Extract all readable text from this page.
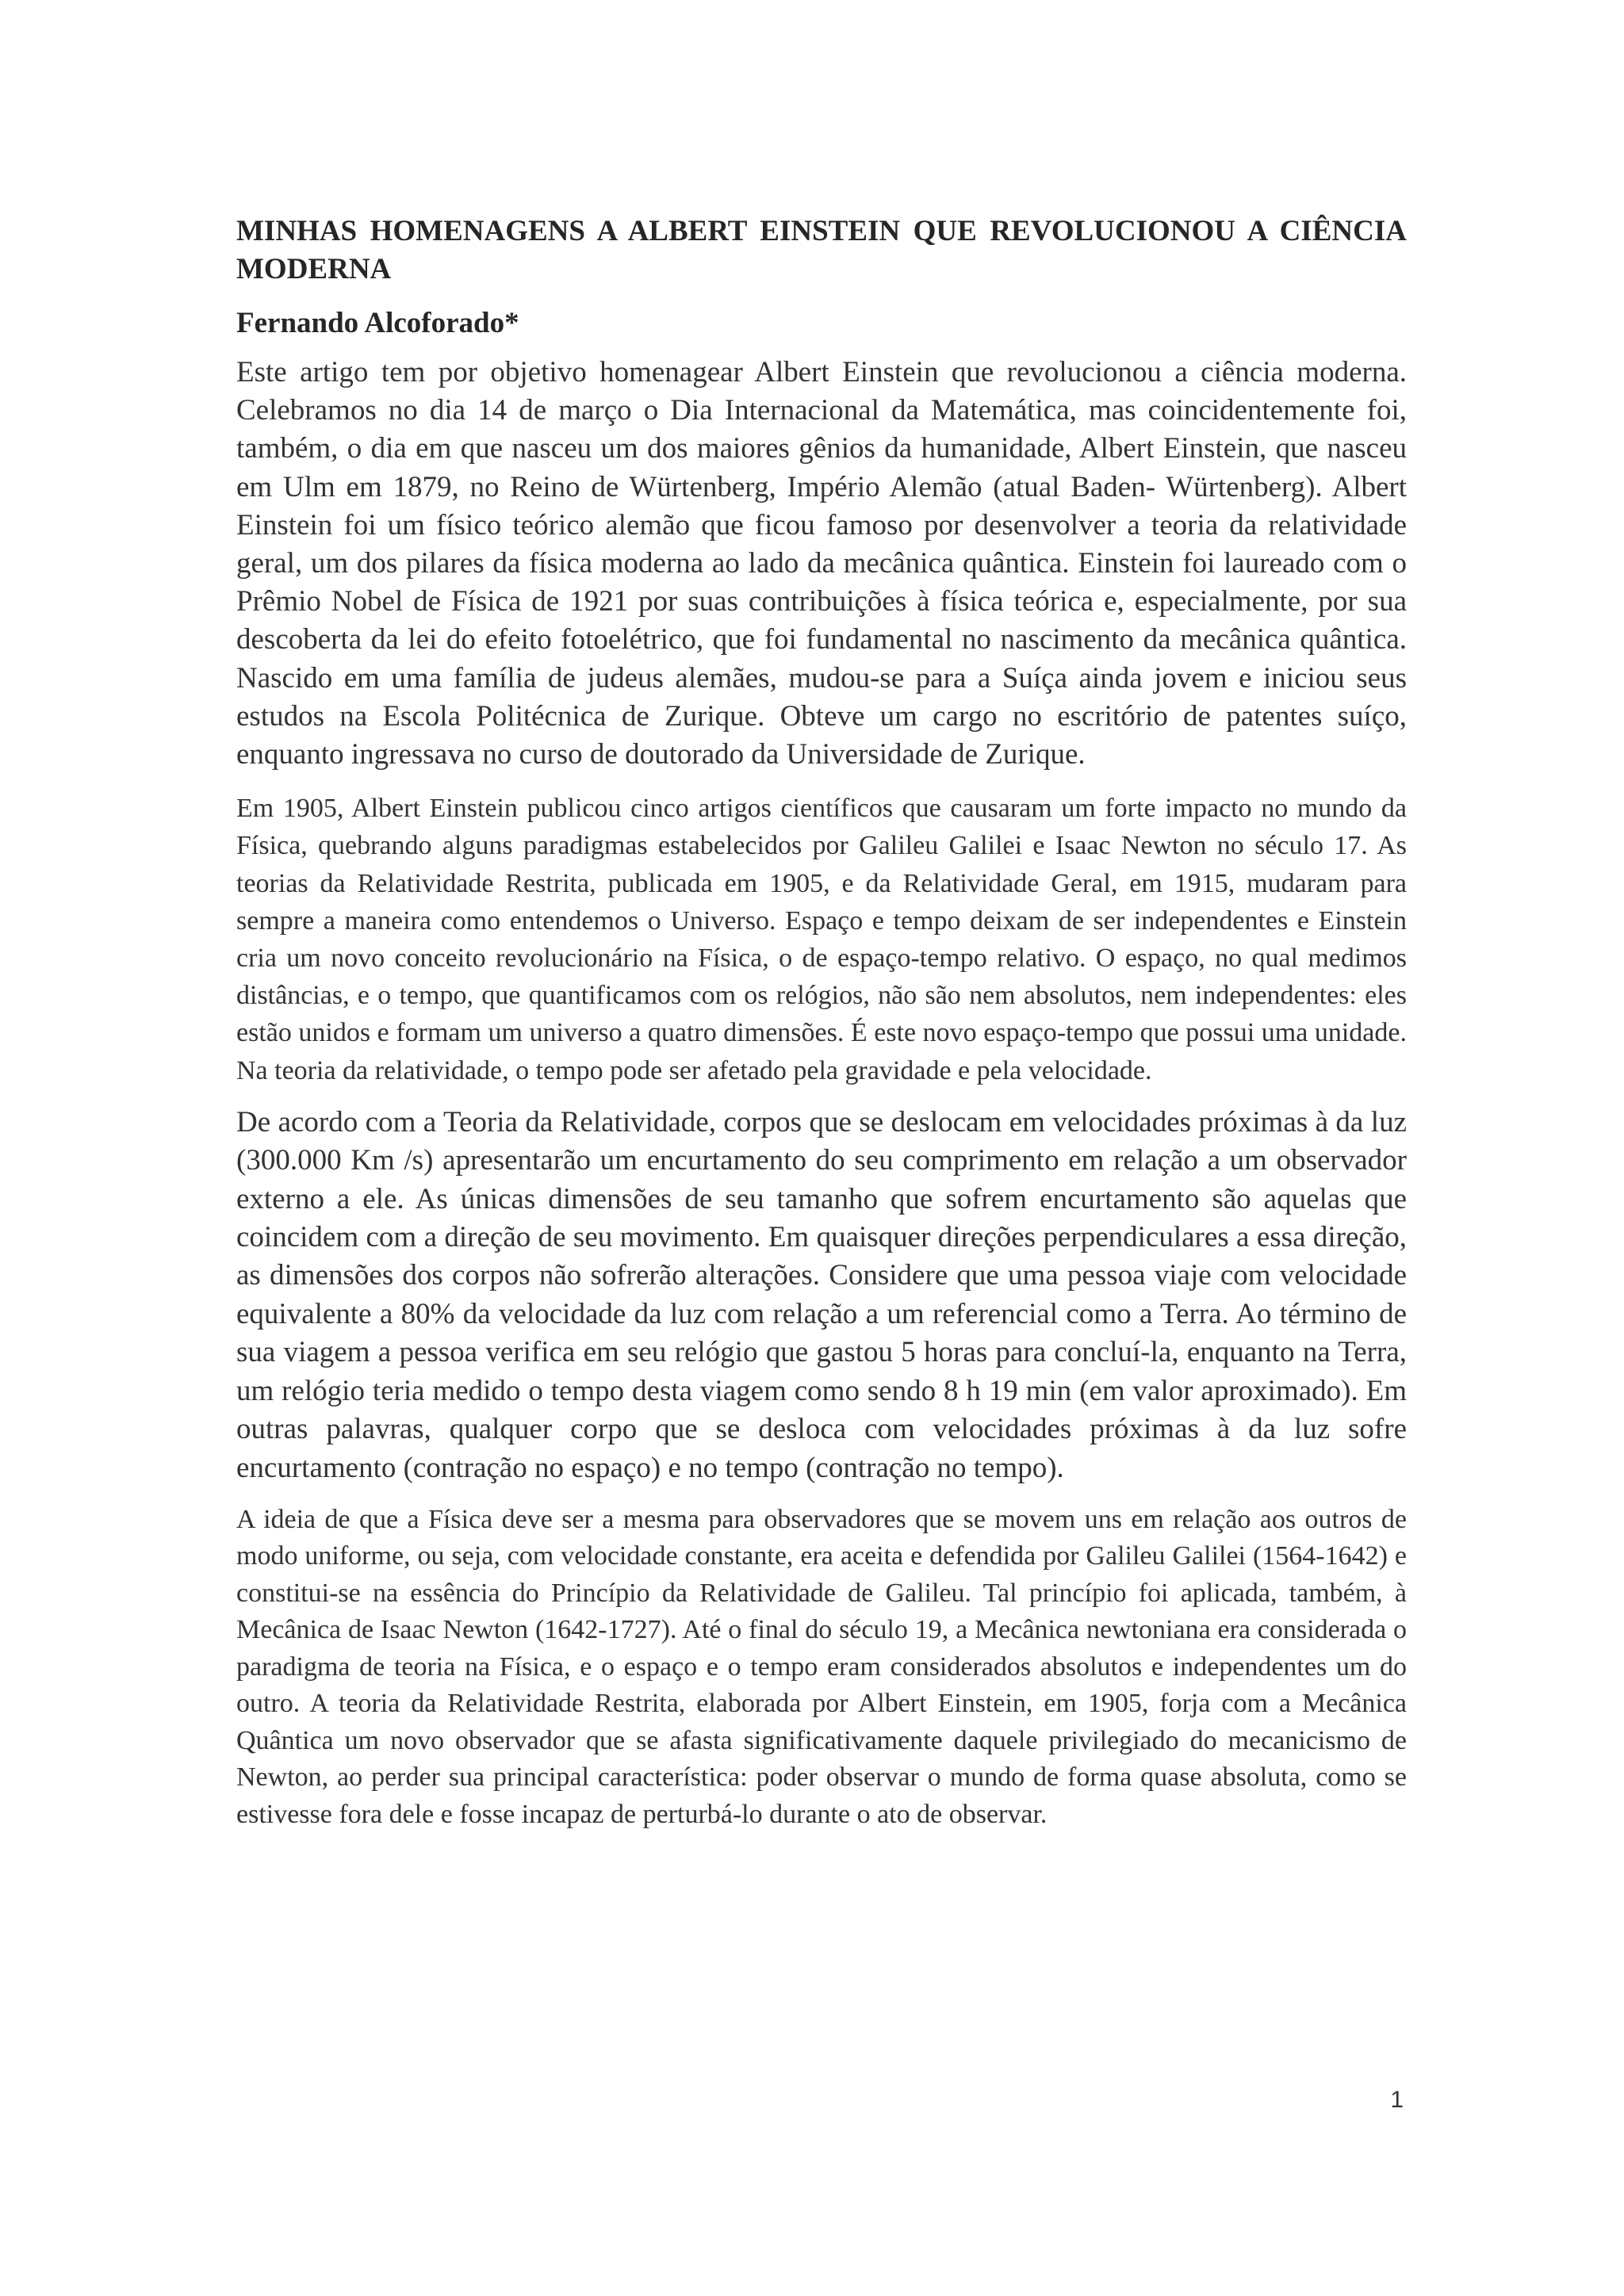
MINHAS HOMENAGENS A ALBERT EINSTEIN QUE REVOLUCIONOU A CIÊNCIA MODERNA

Fernando Alcoforado*

Este artigo tem por objetivo homenagear Albert Einstein que revolucionou a ciência moderna. Celebramos no dia 14 de março o Dia Internacional da Matemática, mas coincidentemente foi, também, o dia em que nasceu um dos maiores gênios da humanidade, Albert Einstein, que nasceu em Ulm em 1879, no Reino de Würtenberg, Império Alemão (atual Baden- Würtenberg). Albert Einstein foi um físico teórico alemão que ficou famoso por desenvolver a teoria da relatividade geral, um dos pilares da física moderna ao lado da mecânica quântica. Einstein foi laureado com o Prêmio Nobel de Física de 1921 por suas contribuições à física teórica e, especialmente, por sua descoberta da lei do efeito fotoelétrico, que foi fundamental no nascimento da mecânica quântica. Nascido em uma família de judeus alemães, mudou-se para a Suíça ainda jovem e iniciou seus estudos na Escola Politécnica de Zurique. Obteve um cargo no escritório de patentes suíço, enquanto ingressava no curso de doutorado da Universidade de Zurique.

Em 1905, Albert Einstein publicou cinco artigos científicos que causaram um forte impacto no mundo da Física, quebrando alguns paradigmas estabelecidos por Galileu Galilei e Isaac Newton no século 17. As teorias da Relatividade Restrita, publicada em 1905, e da Relatividade Geral, em 1915, mudaram para sempre a maneira como entendemos o Universo. Espaço e tempo deixam de ser independentes e Einstein cria um novo conceito revolucionário na Física, o de espaço-tempo relativo. O espaço, no qual medimos distâncias, e o tempo, que quantificamos com os relógios, não são nem absolutos, nem independentes: eles estão unidos e formam um universo a quatro dimensões. É este novo espaço-tempo que possui uma unidade. Na teoria da relatividade, o tempo pode ser afetado pela gravidade e pela velocidade.

De acordo com a Teoria da Relatividade, corpos que se deslocam em velocidades próximas à da luz (300.000 Km /s) apresentarão um encurtamento do seu comprimento em relação a um observador externo a ele. As únicas dimensões de seu tamanho que sofrem encurtamento são aquelas que coincidem com a direção de seu movimento. Em quaisquer direções perpendiculares a essa direção, as dimensões dos corpos não sofrerão alterações. Considere que uma pessoa viaje com velocidade equivalente a 80% da velocidade da luz com relação a um referencial como a Terra. Ao término de sua viagem a pessoa verifica em seu relógio que gastou 5 horas para concluí-la, enquanto na Terra, um relógio teria medido o tempo desta viagem como sendo 8 h 19 min (em valor aproximado). Em outras palavras, qualquer corpo que se desloca com velocidades próximas à da luz sofre encurtamento (contração no espaço) e no tempo (contração no tempo).

A ideia de que a Física deve ser a mesma para observadores que se movem uns em relação aos outros de modo uniforme, ou seja, com velocidade constante, era aceita e defendida por Galileu Galilei (1564-1642) e constitui-se na essência do Princípio da Relatividade de Galileu. Tal princípio foi aplicada, também, à Mecânica de Isaac Newton (1642-1727). Até o final do século 19, a Mecânica newtoniana era considerada o paradigma de teoria na Física, e o espaço e o tempo eram considerados absolutos e independentes um do outro. A teoria da Relatividade Restrita, elaborada por Albert Einstein, em 1905, forja com a Mecânica Quântica um novo observador que se afasta significativamente daquele privilegiado do mecanicismo de Newton, ao perder sua principal característica: poder observar o mundo de forma quase absoluta, como se estivesse fora dele e fosse incapaz de perturbá-lo durante o ato de observar.

1
